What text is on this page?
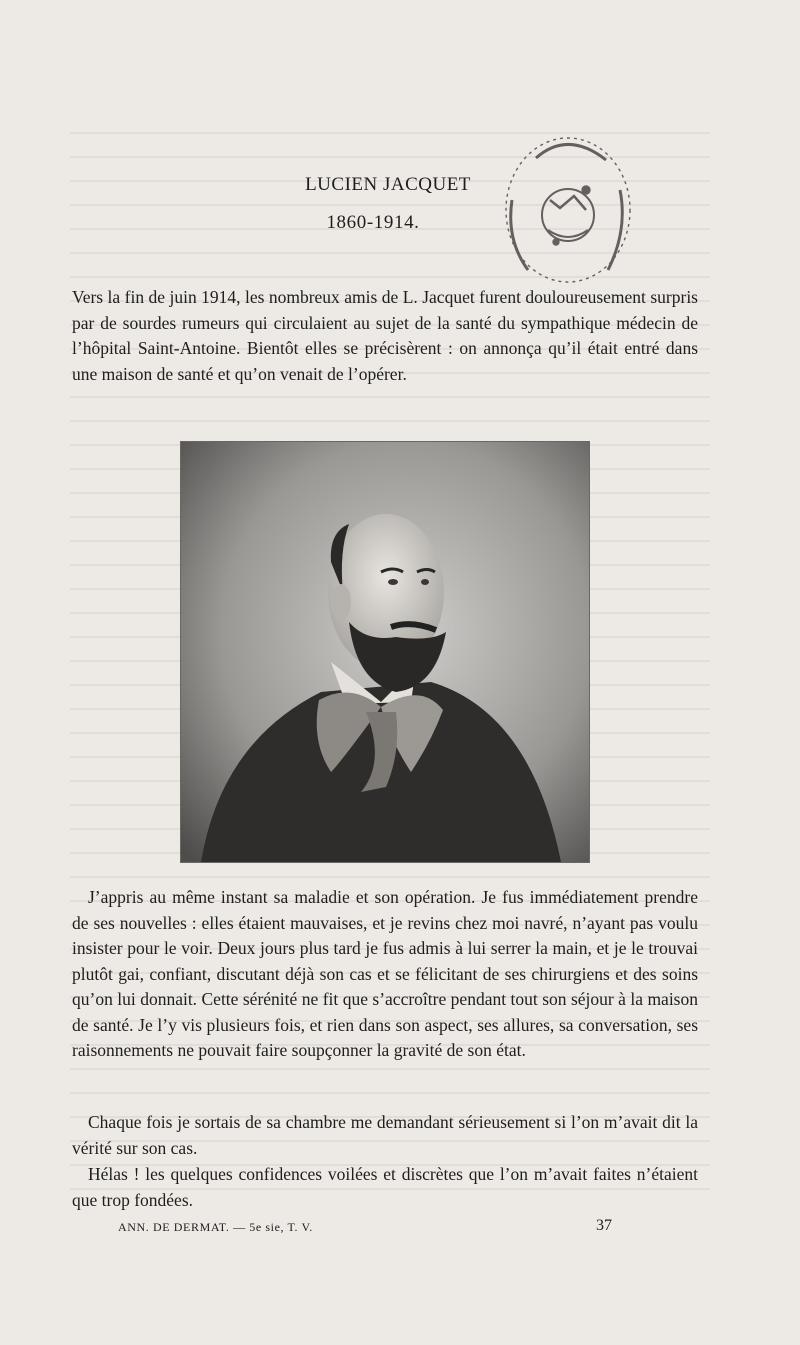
LUCIEN JACQUET
1860-1914.
Vers la fin de juin 1914, les nombreux amis de L. Jacquet furent douloureusement surpris par de sourdes rumeurs qui circulaient au sujet de la santé du sympathique médecin de l’hôpital Saint-Antoine. Bientôt elles se précisèrent : on annonça qu’il était entré dans une maison de santé et qu’on venait de l’opérer.
J’appris au même instant sa maladie et son opération. Je fus immédiatement prendre de ses nouvelles : elles étaient mauvaises, et je revins chez moi navré, n’ayant pas voulu insister pour le voir. Deux jours plus tard je fus admis à lui serrer la main, et je le trouvai plutôt gai, confiant, discutant déjà son cas et se félicitant de ses chirurgiens et des soins qu’on lui donnait. Cette sérénité ne fit que s’accroître pendant tout son séjour à la maison de santé. Je l’y vis plusieurs fois, et rien dans son aspect, ses allures, sa conversation, ses raisonnements ne pouvait faire soupçonner la gravité de son état.
Chaque fois je sortais de sa chambre me demandant sérieusement si l’on m’avait dit la vérité sur son cas.
Hélas ! les quelques confidences voilées et discrètes que l’on m’avait faites n’étaient que trop fondées.
ANN. DE DERMAT. — 5e sie, T. V.	37
